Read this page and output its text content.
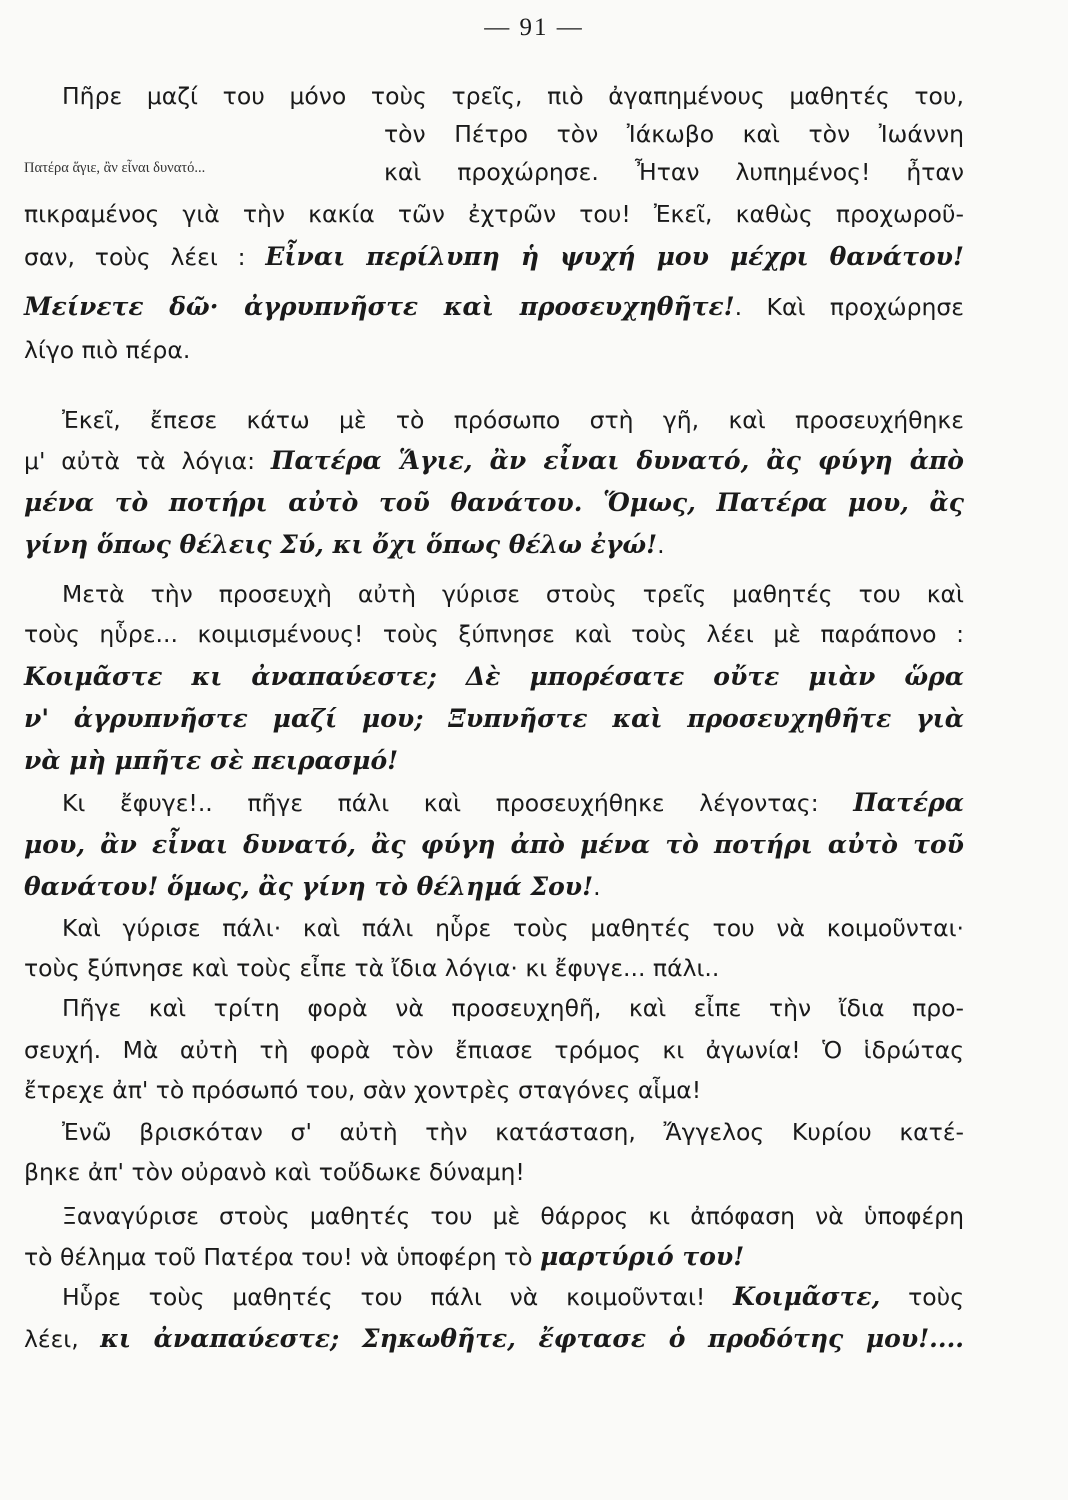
— 91 —
Πατέρα ἅγιε, ἂν εἶναι δυνατό...
Πῆρε μαζί του μόνο τοὺς τρεῖς, πιὸ ἀγαπημένους μαθητές του,
τὸν Πέτρο τὸν Ἰάκωβο καὶ τὸν Ἰωάννη
καὶ προχώρησε. Ἦταν λυπημένος! ἦταν
πικραμένος γιὰ τὴν κακία τῶν ἐχτρῶν του! Ἐκεῖ, καθὼς προχωροῦ-
σαν, τοὺς λέει : Εἶναι περίλυπη ἡ ψυχή μου μέχρι θανάτου!
Μείνετε δῶ· ἀγρυπνῆστε καὶ προσευχηθῆτε!. Καὶ προχώρησε
λίγο πιὸ πέρα.
Ἐκεῖ, ἔπεσε κάτω μὲ τὸ πρόσωπο στὴ γῆ, καὶ προσευχήθηκε
μ' αὐτὰ τὰ λόγια: Πατέρα Ἅγιε, ἂν εἶναι δυνατό, ἂς φύγη ἀπὸ
μένα τὸ ποτήρι αὐτὸ τοῦ θανάτου. Ὅμως, Πατέρα μου, ἂς
γίνη ὅπως θέλεις Σύ, κι ὄχι ὅπως θέλω ἐγώ!.
Μετὰ τὴν προσευχὴ αὐτὴ γύρισε στοὺς τρεῖς μαθητές του καὶ
τοὺς ηὗρε... κοιμισμένους! τοὺς ξύπνησε καὶ τοὺς λέει μὲ παράπονο :
Κοιμᾶστε κι ἀναπαύεστε; Δὲ μπορέσατε οὔτε μιὰν ὥρα
ν' ἀγρυπνῆστε μαζί μου; Ξυπνῆστε καὶ προσευχηθῆτε γιὰ
νὰ μὴ μπῆτε σὲ πειρασμό!
Κι ἔφυγε!.. πῆγε πάλι καὶ προσευχήθηκε λέγοντας: Πατέρα
μου, ἂν εἶναι δυνατό, ἂς φύγη ἀπὸ μένα τὸ ποτήρι αὐτὸ τοῦ
θανάτου! ὅμως, ἂς γίνη τὸ θέλημά Σου!.
Καὶ γύρισε πάλι· καὶ πάλι ηὗρε τοὺς μαθητές του νὰ κοιμοῦνται·
τοὺς ξύπνησε καὶ τοὺς εἶπε τὰ ἴδια λόγια· κι ἔφυγε... πάλι..
Πῆγε καὶ τρίτη φορὰ νὰ προσευχηθῆ, καὶ εἶπε τὴν ἴδια προ-
σευχή. Μὰ αὐτὴ τὴ φορὰ τὸν ἔπιασε τρόμος κι ἀγωνία! Ὁ ἱδρώτας
ἔτρεχε ἀπ' τὸ πρόσωπό του, σὰν χοντρὲς σταγόνες αἷμα!
Ἐνῶ βρισκόταν σ' αὐτὴ τὴν κατάσταση, Ἄγγελος Κυρίου κατέ-
βηκε ἀπ' τὸν οὐρανὸ καὶ τοὔδωκε δύναμη!
Ξαναγύρισε στοὺς μαθητές του μὲ θάρρος κι ἀπόφαση νὰ ὑποφέρη
τὸ θέλημα τοῦ Πατέρα του! νὰ ὑποφέρη τὸ μαρτύριό του!
Ηὗρε τοὺς μαθητές του πάλι νὰ κοιμοῦνται! Κοιμᾶστε, τοὺς
λέει, κι ἀναπαύεστε; Σηκωθῆτε, ἔφτασε ὁ προδότης μου!....
